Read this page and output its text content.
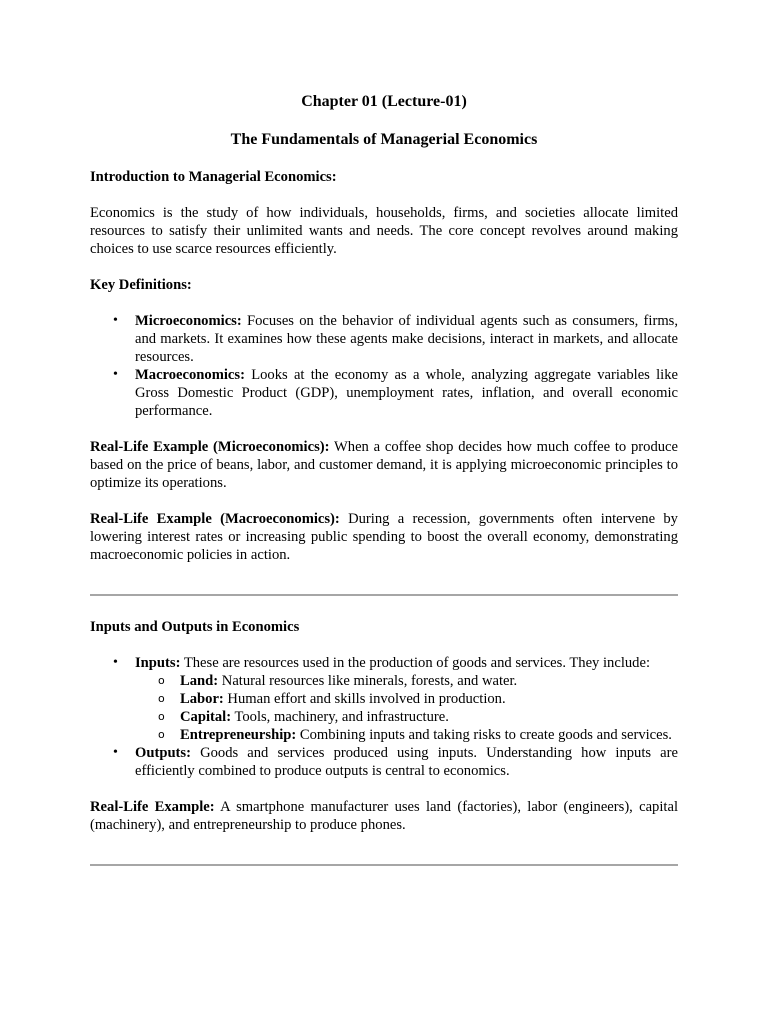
Chapter 01 (Lecture-01)

The Fundamentals of Managerial Economics

Introduction to Managerial Economics:

Economics is the study of how individuals, households, firms, and societies allocate limited resources to satisfy their unlimited wants and needs. The core concept revolves around making choices to use scarce resources efficiently.

Key Definitions:

• Microeconomics: Focuses on the behavior of individual agents such as consumers, firms, and markets. It examines how these agents make decisions, interact in markets, and allocate resources.
• Macroeconomics: Looks at the economy as a whole, analyzing aggregate variables like Gross Domestic Product (GDP), unemployment rates, inflation, and overall economic performance.

Real-Life Example (Microeconomics): When a coffee shop decides how much coffee to produce based on the price of beans, labor, and customer demand, it is applying microeconomic principles to optimize its operations.

Real-Life Example (Macroeconomics): During a recession, governments often intervene by lowering interest rates or increasing public spending to boost the overall economy, demonstrating macroeconomic policies in action.

Inputs and Outputs in Economics

• Inputs: These are resources used in the production of goods and services. They include:
o Land: Natural resources like minerals, forests, and water.
o Labor: Human effort and skills involved in production.
o Capital: Tools, machinery, and infrastructure.
o Entrepreneurship: Combining inputs and taking risks to create goods and services.
• Outputs: Goods and services produced using inputs. Understanding how inputs are efficiently combined to produce outputs is central to economics.

Real-Life Example: A smartphone manufacturer uses land (factories), labor (engineers), capital (machinery), and entrepreneurship to produce phones.
